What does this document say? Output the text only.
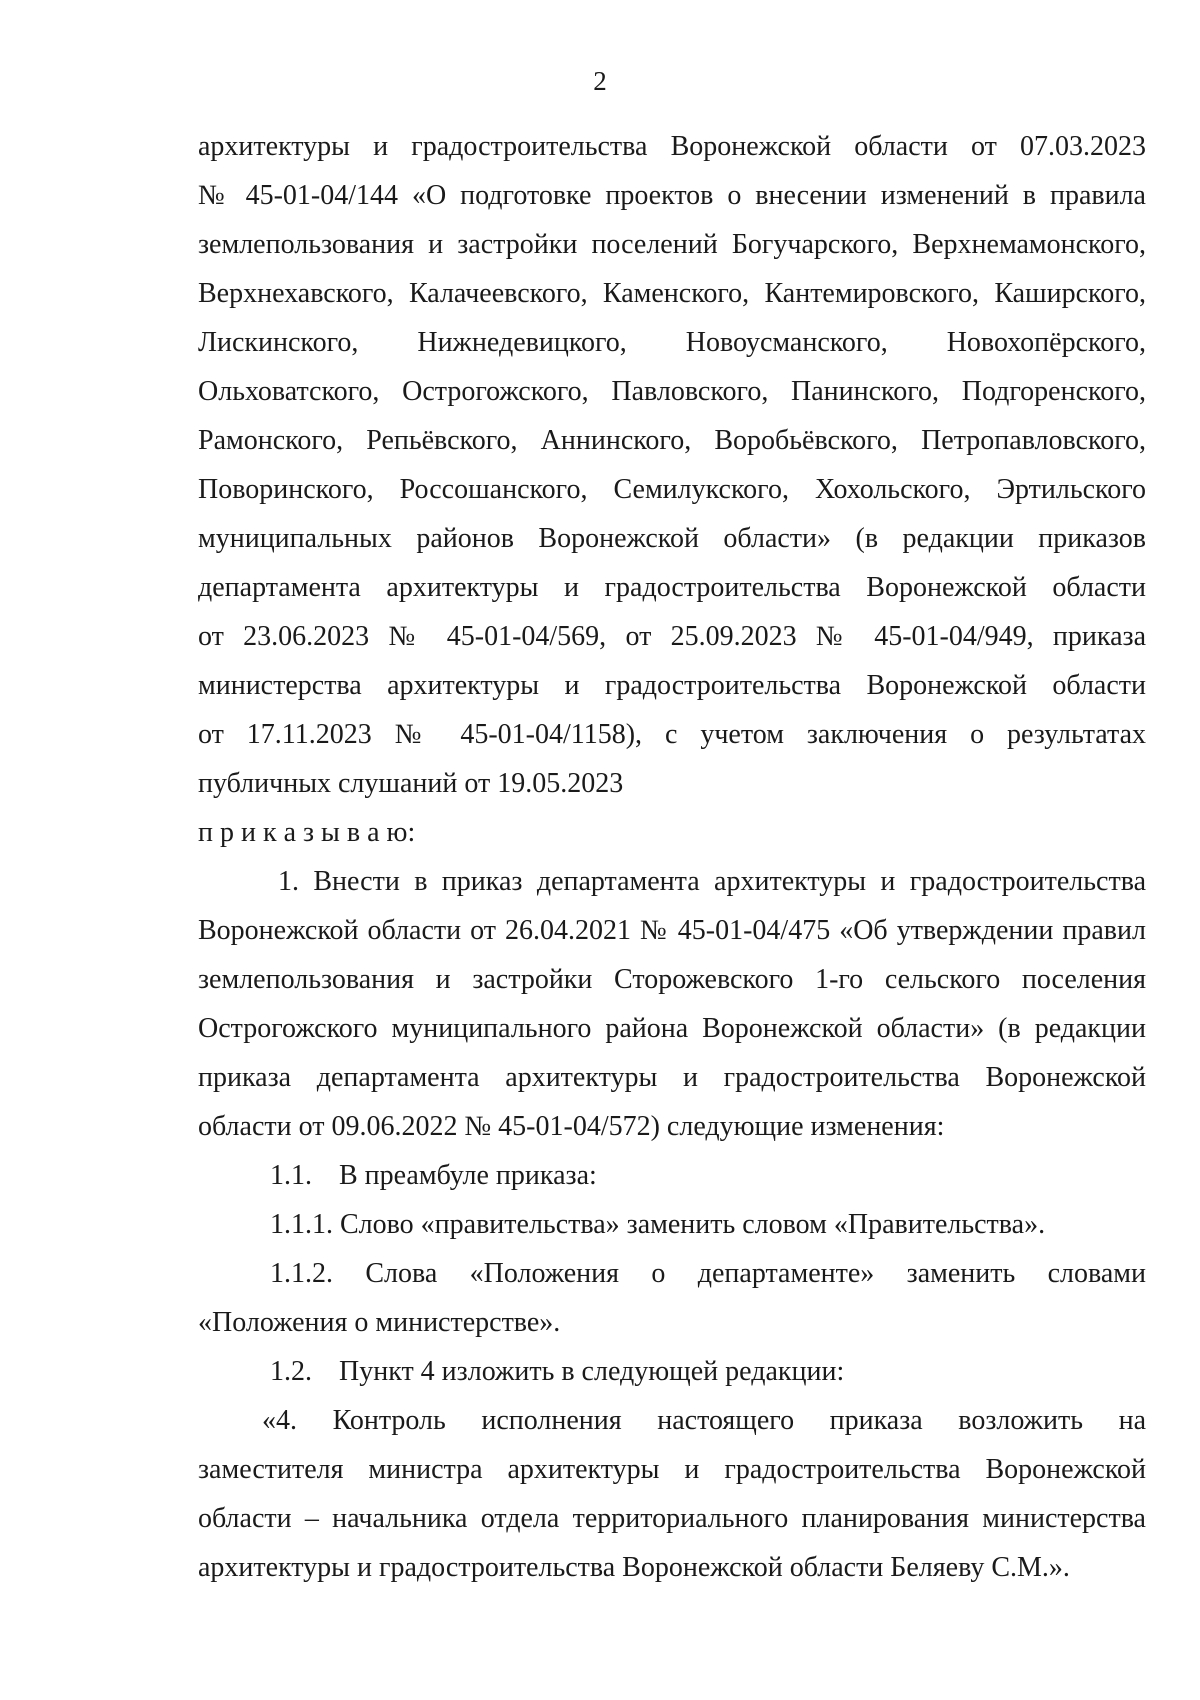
2
архитектуры и градостроительства Воронежской области от 07.03.2023
№ 45-01-04/144 «О подготовке проектов о внесении изменений в правила
землепользования и застройки поселений Богучарского, Верхнемамонского,
Верхнехавского, Калачеевского, Каменского, Кантемировского, Каширского,
Лискинского, Нижнедевицкого, Новоусманского, Новохопёрского,
Ольховатского, Острогожского, Павловского, Панинского, Подгоренского,
Рамонского, Репьёвского, Аннинского, Воробьёвского, Петропавловского,
Поворинского, Россошанского, Семилукского, Хохольского, Эртильского
муниципальных районов Воронежской области» (в редакции приказов
департамента архитектуры и градостроительства Воронежской области
от 23.06.2023 № 45-01-04/569, от 25.09.2023 № 45-01-04/949, приказа
министерства архитектуры и градостроительства Воронежской области
от 17.11.2023 № 45-01-04/1158), с учетом заключения о результатах
публичных слушаний от 19.05.2023
п р и к а з ы в а ю:
1. Внести в приказ департамента архитектуры и градостроительства
Воронежской области от 26.04.2021 № 45-01-04/475 «Об утверждении правил
землепользования и застройки Сторожевского 1-го сельского поселения
Острогожского муниципального района Воронежской области» (в редакции
приказа департамента архитектуры и градостроительства Воронежской
области от 09.06.2022 № 45-01-04/572) следующие изменения:
1.1. В преамбуле приказа:
1.1.1. Слово «правительства» заменить словом «Правительства».
1.1.2. Слова «Положения о департаменте» заменить словами
«Положения о министерстве».
1.2. Пункт 4 изложить в следующей редакции:
«4. Контроль исполнения настоящего приказа возложить на
заместителя министра архитектуры и градостроительства Воронежской
области – начальника отдела территориального планирования министерства
архитектуры и градостроительства Воронежской области Беляеву С.М.».
